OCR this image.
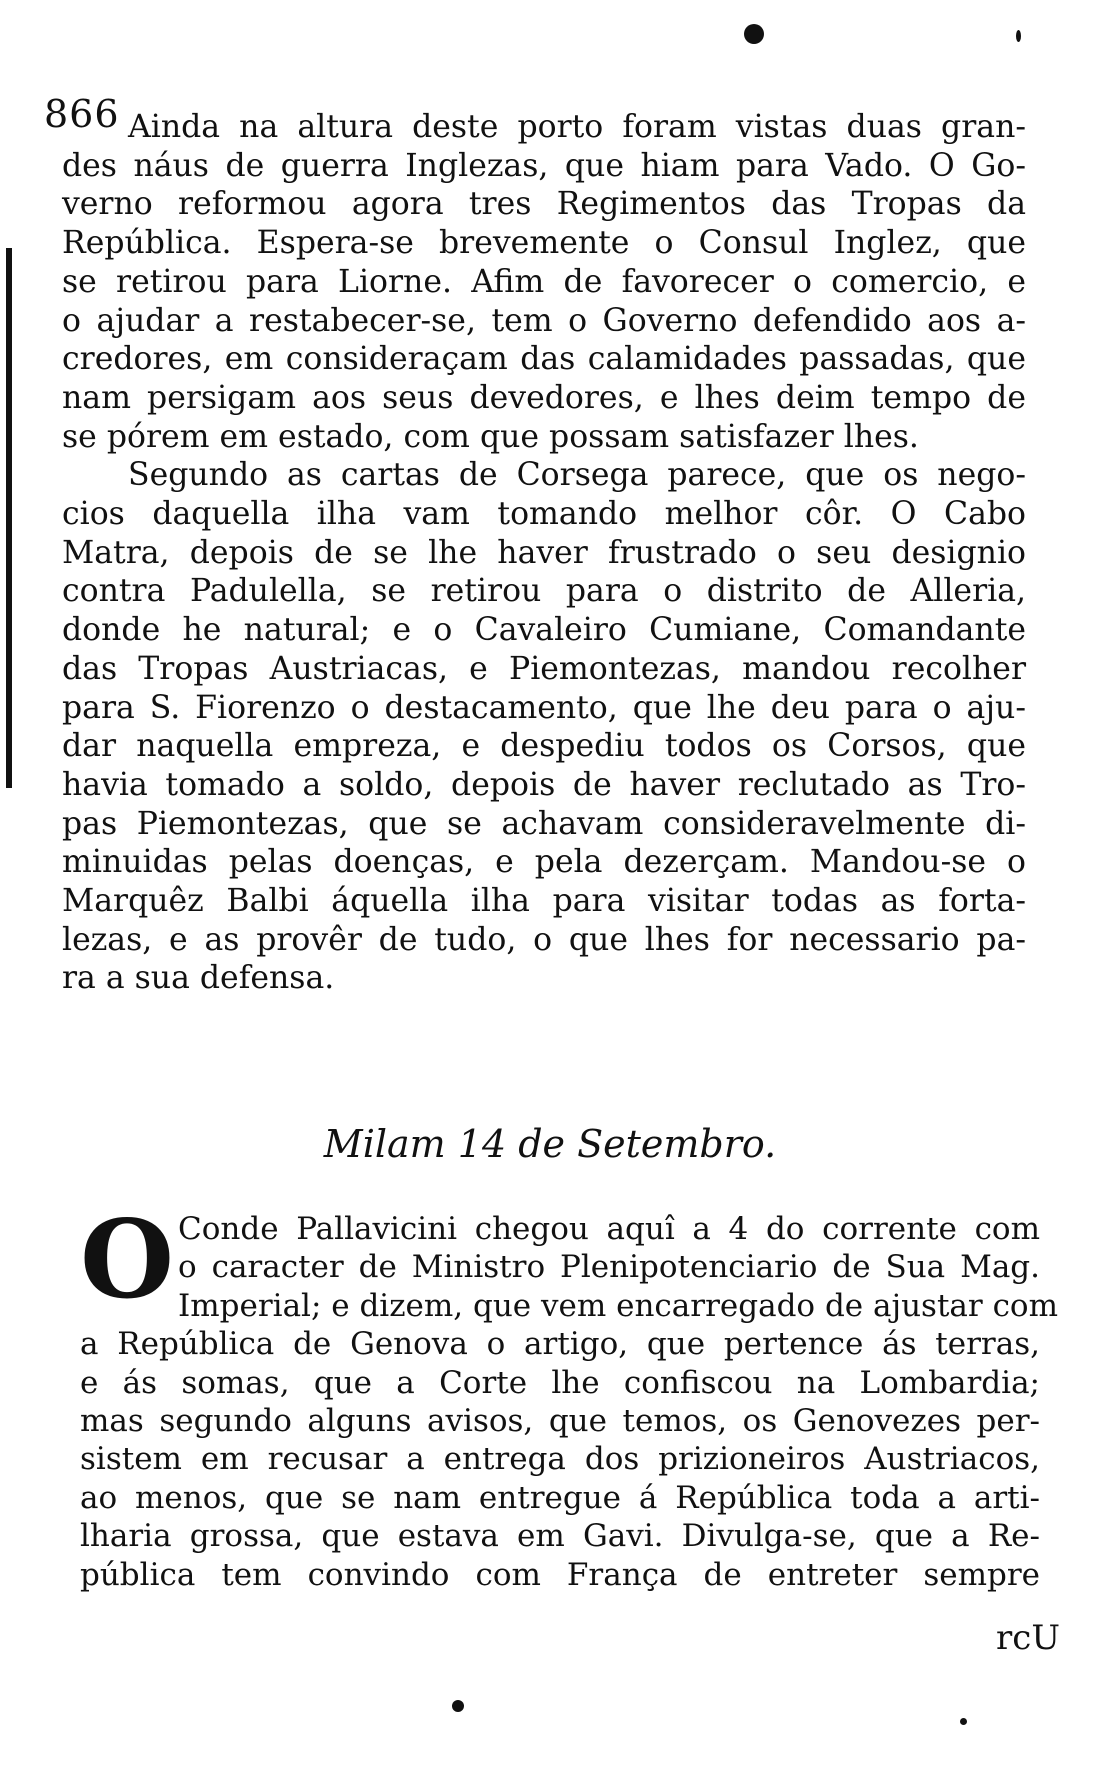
866 Ainda na altura deste porto foram vistas duas gran-
des náus de guerra Inglezas, que hiam para Vado. O Go-
verno reformou agora tres Regimentos das Tropas da
República. Espera-se brevemente o Consul Inglez, que
se retirou para Liorne. Afim de favorecer o comercio, e
o ajudar a restabecer-se, tem o Governo defendido aos a-
credores, em consideraçam das calamidades passadas, que
nam persigam aos seus devedores, e lhes deim tempo de
se pórem em estado, com que possam satisfazer lhes.

Segundo as cartas de Corsega parece, que os nego-
cios daquella ilha vam tomando melhor côr. O Cabo
Matra, depois de se lhe haver frustrado o seu designio
contra Padulella, se retirou para o distrito de Alleria,
donde he natural; e o Cavaleiro Cumiane, Comandante
das Tropas Austriacas, e Piemontezas, mandou recolher
para S. Fiorenzo o destacamento, que lhe deu para o aju-
dar naquella empreza, e despediu todos os Corsos, que
havia tomado a soldo, depois de haver reclutado as Tro-
pas Piemontezas, que se achavam consideravelmente di-
minuidas pelas doenças, e pela dezerçam. Mandou-se o
Marquêz Balbi áquella ilha para visitar todas as forta-
lezas, e as provêr de tudo, o que lhes for necessario pa-
ra a sua defensa.

Milam 14 de Setembro.

O Conde Pallavicini chegou aquî a 4 do corrente com
o caracter de Ministro Plenipotenciario de Sua Mag.
Imperial; e dizem, que vem encarregado de ajustar com
a República de Genova o artigo, que pertence ás terras,
e ás somas, que a Corte lhe confiscou na Lombardia;
mas segundo alguns avisos, que temos, os Genovezes per-
sistem em recusar a entrega dos prizioneiros Austriacos,
ao menos, que se nam entregue á República toda a arti-
lharia grossa, que estava em Gavi. Divulga-se, que a Re-
pública tem convindo com França de entreter sempre

rcU
